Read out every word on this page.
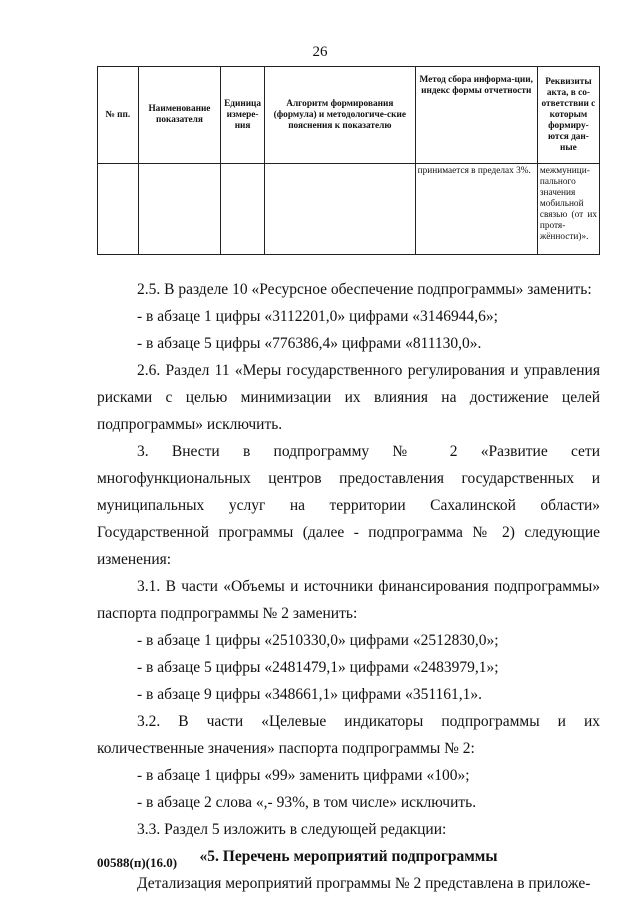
26
№ пп.	Наименование показателя	Единица измере-ния	Алгоритм формирования (формула) и методологиче-ские пояснения к показателю	Метод сбора информа-ции, индекс формы отчетности	Реквизиты акта, в со-ответствии с которым формиру-ются дан-ные
				принимается в пределах 3%.	межмуници-пального значения мобильной связью (от их протя-жённости)».

2.5. В разделе 10 «Ресурсное обеспечение подпрограммы» заменить:

- в абзаце 1 цифры «3112201,0» цифрами «3146944,6»;

- в абзаце 5 цифры «776386,4» цифрами «811130,0».

2.6. Раздел 11 «Меры государственного регулирования и управления рисками с целью минимизации их влияния на достижение целей подпрограммы» исключить.

3. Внести в подпрограмму № 2 «Развитие сети многофункциональных центров предоставления государственных и муниципальных услуг на территории Сахалинской области» Государственной программы (далее - подпрограмма № 2) следующие изменения:

3.1. В части «Объемы и источники финансирования подпрограммы» паспорта подпрограммы № 2 заменить:

- в абзаце 1 цифры «2510330,0» цифрами «2512830,0»;

- в абзаце 5 цифры «2481479,1» цифрами «2483979,1»;

- в абзаце 9 цифры «348661,1» цифрами «351161,1».

3.2. В части «Целевые индикаторы подпрограммы и их количественные значения» паспорта подпрограммы № 2:

- в абзаце 1 цифры «99» заменить цифрами «100»;

- в абзаце 2 слова «,- 93%, в том числе» исключить.

3.3. Раздел 5 изложить в следующей редакции:

«5. Перечень мероприятий подпрограммы

Детализация мероприятий программы № 2 представлена в приложе-

00588(п)(16.0)
